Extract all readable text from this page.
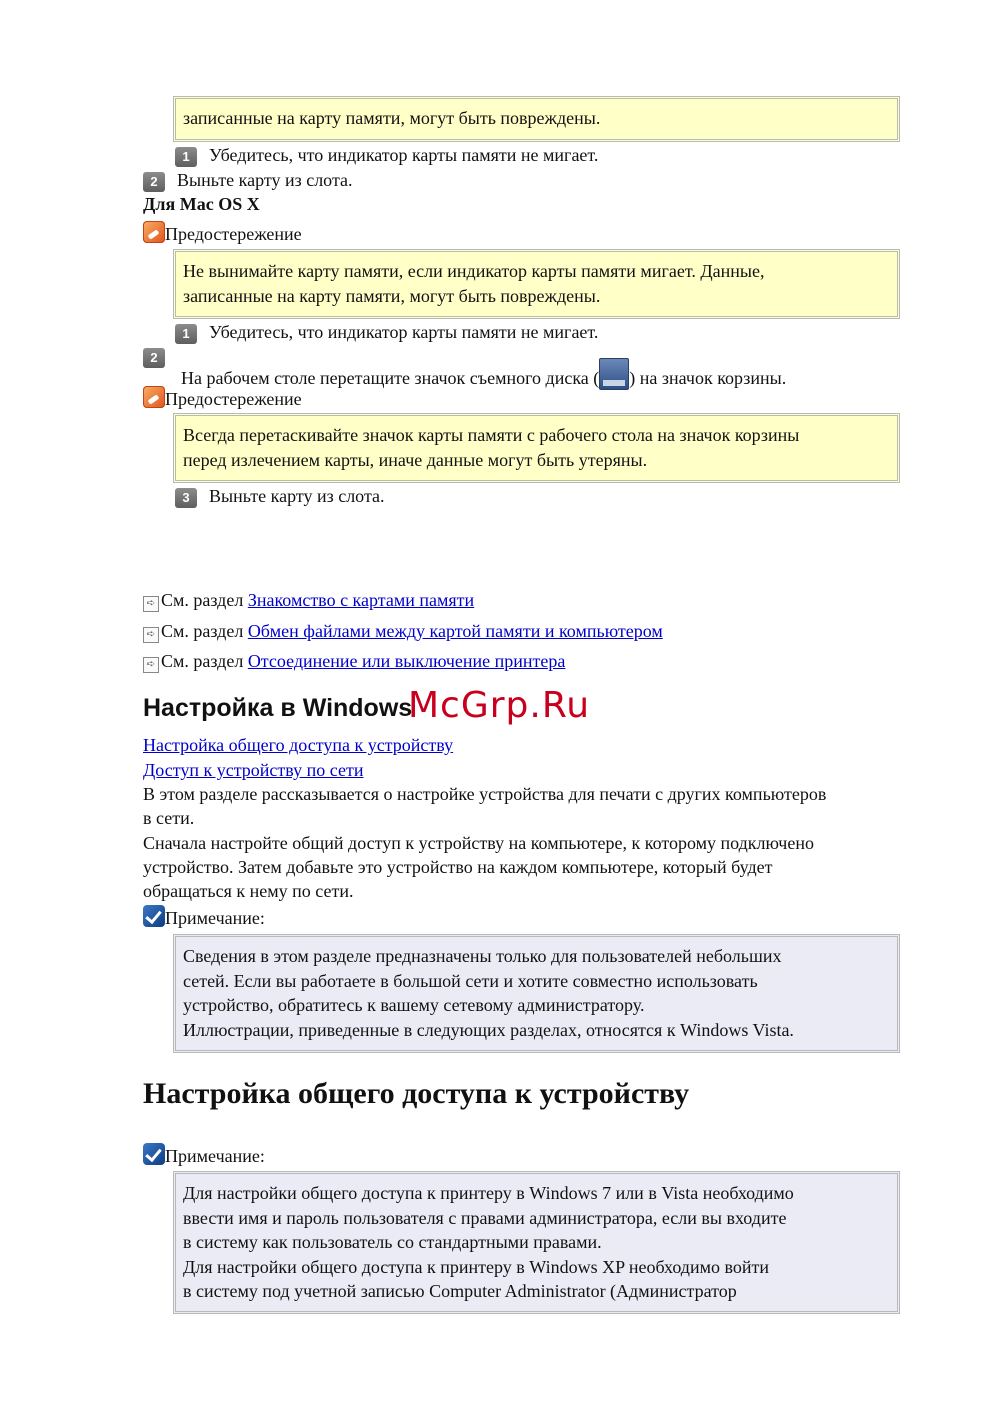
записанные на карту памяти, могут быть повреждены.
1 Убедитесь, что индикатор карты памяти не мигает.
2 Выньте карту из слота.
Для Mac OS X
Предостережение
Не вынимайте карту памяти, если индикатор карты памяти мигает. Данные,
записанные на карту памяти, могут быть повреждены.
1 Убедитесь, что индикатор карты памяти не мигает.
2
На рабочем столе перетащите значок съемного диска ( ) на значок корзины.
Предостережение
Всегда перетаскивайте значок карты памяти с рабочего стола на значок корзины
перед излечением карты, иначе данные могут быть утеряны.
3 Выньте карту из слота.
➪ См. раздел Знакомство с картами памяти
➪ См. раздел Обмен файлами между картой памяти и компьютером
➪ См. раздел Отсоединение или выключение принтера
Настройка в Windows
McGrp.Ru
Настройка общего доступа к устройству
Доступ к устройству по сети
В этом разделе рассказывается о настройке устройства для печати с других компьютеров
в сети.
Сначала настройте общий доступ к устройству на компьютере, к которому подключено
устройство. Затем добавьте это устройство на каждом компьютере, который будет
обращаться к нему по сети.
Примечание:
Сведения в этом разделе предназначены только для пользователей небольших
сетей. Если вы работаете в большой сети и хотите совместно использовать
устройство, обратитесь к вашему сетевому администратору.
Иллюстрации, приведенные в следующих разделах, относятся к Windows Vista.
Настройка общего доступа к устройству
Примечание:
Для настройки общего доступа к принтеру в Windows 7 или в Vista необходимо
ввести имя и пароль пользователя с правами администратора, если вы входите
в систему как пользователь со стандартными правами.
Для настройки общего доступа к принтеру в Windows XP необходимо войти
в систему под учетной записью Computer Administrator (Администратор
